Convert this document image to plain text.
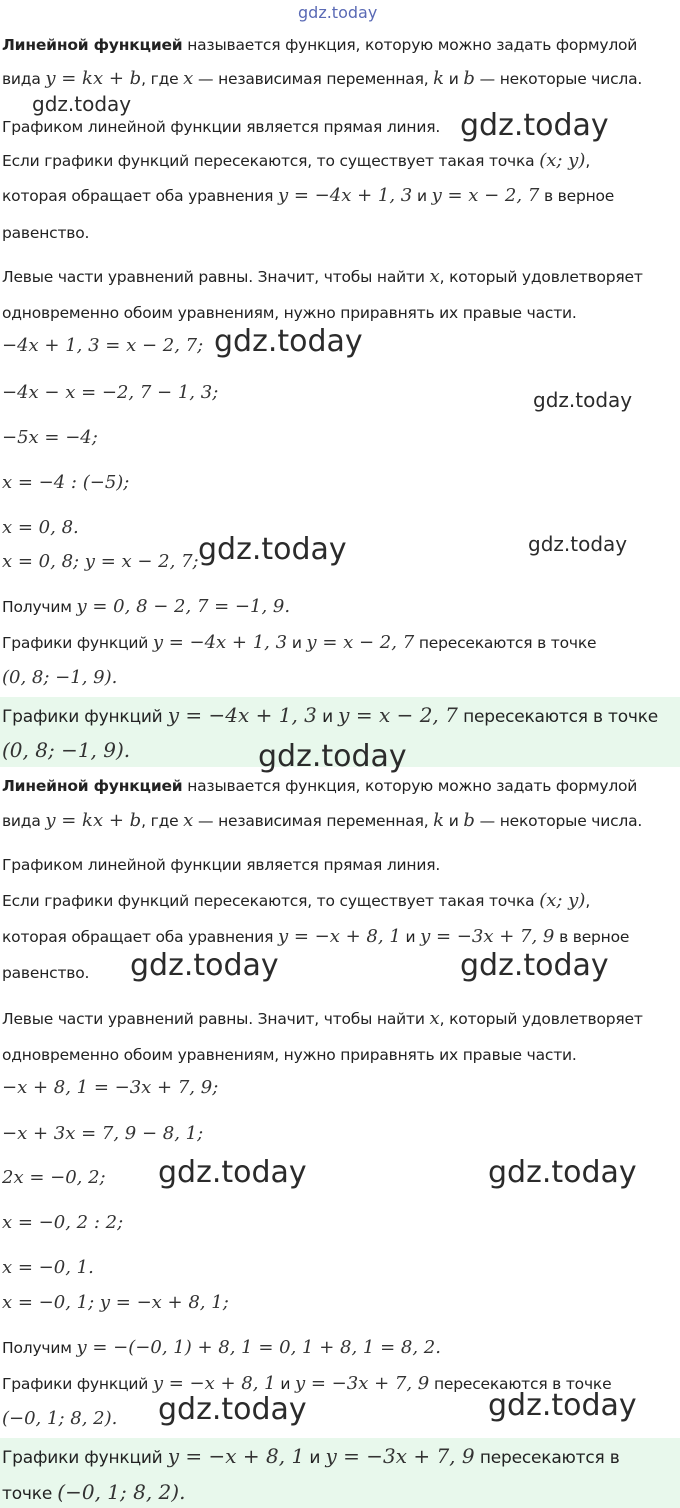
gdz.today
gdz.today
gdz.today
gdz.today
gdz.today
gdz.today	gdz.today
Линейной функцией называется функция, которую можно задать формулой
вида y = kx + b, где x — независимая переменная, k и b — некоторые числа.
Графиком линейной функции является прямая линия.
Если графики функций пересекаются, то существует такая точка (x; y),
которая обращает оба уравнения y = −4x + 1, 3 и y = x − 2, 7 в верное
равенство.
Левые части уравнений равны. Значит, чтобы найти x, который удовлетворяет
одновременно обоим уравнениям, нужно приравнять их правые части.
−4x + 1, 3 = x − 2, 7;
−4x − x = −2, 7 − 1, 3;
−5x = −4;
x = −4 : (−5);
x = 0, 8.
x = 0, 8; y = x − 2, 7;
Получим y = 0, 8 − 2, 7 = −1, 9.
Графики функций y = −4x + 1, 3 и y = x − 2, 7 пересекаются в точке
(0, 8; −1, 9).
Графики функций y = −4x + 1, 3 и y = x − 2, 7 пересекаются в точке
(0, 8; −1, 9).	gdz.today
Линейной функцией называется функция, которую можно задать формулой
вида y = kx + b, где x — независимая переменная, k и b — некоторые числа.
Графиком линейной функции является прямая линия.
Если графики функций пересекаются, то существует такая точка (x; y),
которая обращает оба уравнения y = −x + 8, 1 и y = −3x + 7, 9 в верное
равенство. gdz.today	gdz.today
Левые части уравнений равны. Значит, чтобы найти x, который удовлетворяет
одновременно обоим уравнениям, нужно приравнять их правые части.
−x + 8, 1 = −3x + 7, 9;
−x + 3x = 7, 9 − 8, 1;
2x = −0, 2;
x = −0, 2 : 2;
x = −0, 1.
x = −0, 1; y = −x + 8, 1;
gdz.today	gdz.today
Получим y = −(−0, 1) + 8, 1 = 0, 1 + 8, 1 = 8, 2.
Графики функций y = −x + 8, 1 и y = −3x + 7, 9 пересекаются в точке
(−0, 1; 8, 2). gdz.today	gdz.today
Графики функций y = −x + 8, 1 и y = −3x + 7, 9 пересекаются в
точке (−0, 1; 8, 2).
